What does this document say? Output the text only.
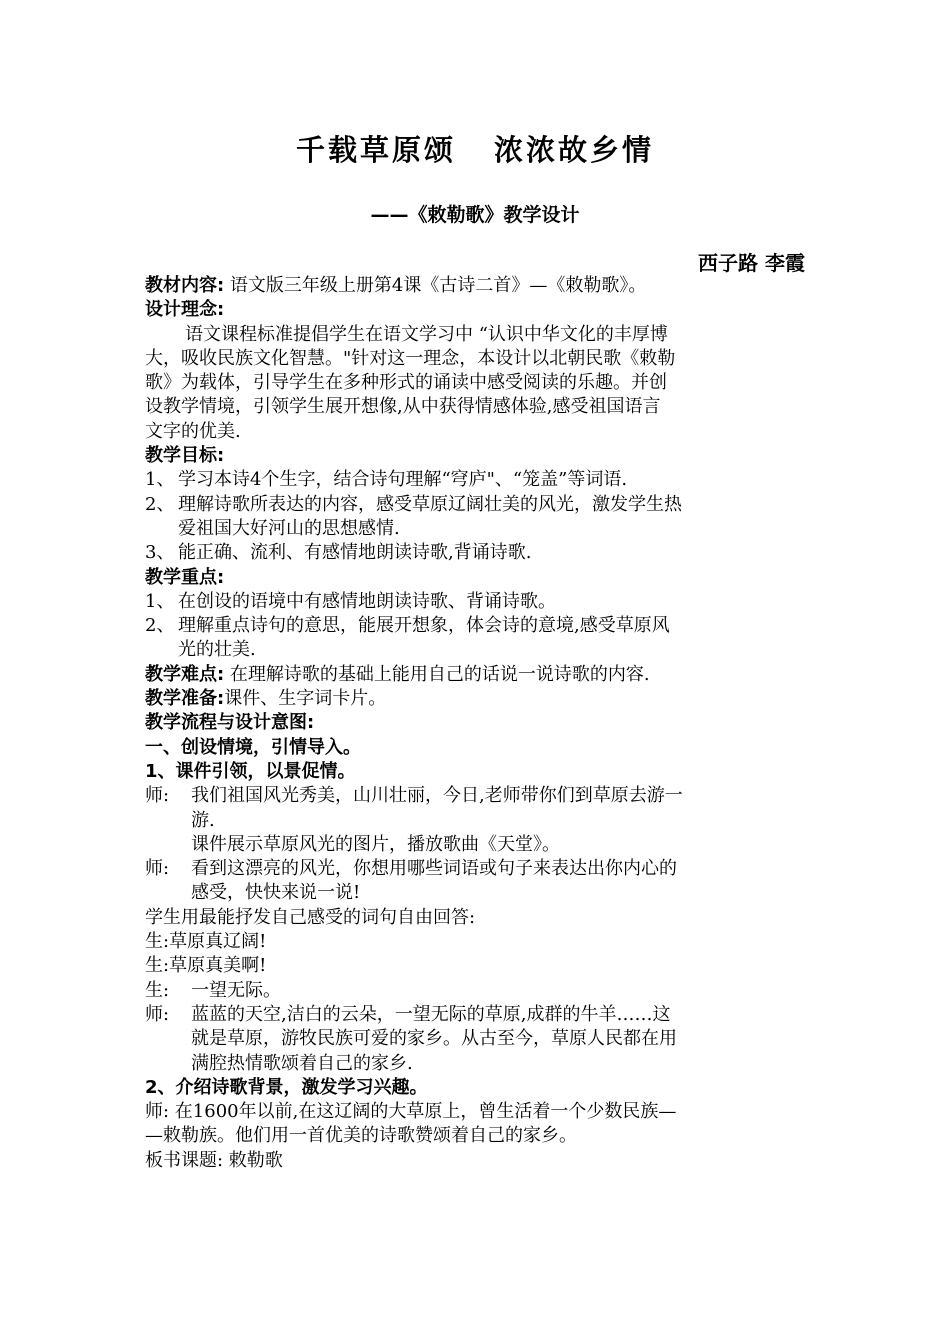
千载草原颂 浓浓故乡情
——《敕勒歌》教学设计
西子路 李霞
教材内容: 语文版三年级上册第4课《古诗二首》—《敕勒歌》。
设计理念:
语文课程标准提倡学生在语文学习中 “认识中华文化的丰厚博
大，吸收民族文化智慧。"针对这一理念，本设计以北朝民歌《敕勒
歌》为载体，引导学生在多种形式的诵读中感受阅读的乐趣。并创
设教学情境，引领学生展开想像,从中获得情感体验,感受祖国语言
文字的优美.
教学目标:
1、 学习本诗4个生字，结合诗句理解“穹庐"、“笼盖”等词语.
2、 理解诗歌所表达的内容，感受草原辽阔壮美的风光，激发学生热
爱祖国大好河山的思想感情.
3、 能正确、流利、有感情地朗读诗歌,背诵诗歌.
教学重点:
1、 在创设的语境中有感情地朗读诗歌、背诵诗歌。
2、 理解重点诗句的意思，能展开想象，体会诗的意境,感受草原风
光的壮美.
教学难点: 在理解诗歌的基础上能用自己的话说一说诗歌的内容.
教学准备:课件、生字词卡片。
教学流程与设计意图:
一、创设情境，引情导入。
1、课件引领，以景促情。
师: 我们祖国风光秀美，山川壮丽，今日,老师带你们到草原去游一
游.
课件展示草原风光的图片，播放歌曲《天堂》。
师: 看到这漂亮的风光，你想用哪些词语或句子来表达出你内心的
感受，快快来说一说!
学生用最能抒发自己感受的词句自由回答:
生:草原真辽阔!
生:草原真美啊!
生: 一望无际。
师: 蓝蓝的天空,洁白的云朵，一望无际的草原,成群的牛羊……这
就是草原，游牧民族可爱的家乡。从古至今，草原人民都在用
满腔热情歌颂着自己的家乡.
2、介绍诗歌背景，激发学习兴趣。
师: 在1600年以前,在这辽阔的大草原上，曾生活着一个少数民族—
—敕勒族。他们用一首优美的诗歌赞颂着自己的家乡。
板书课题: 敕勒歌
